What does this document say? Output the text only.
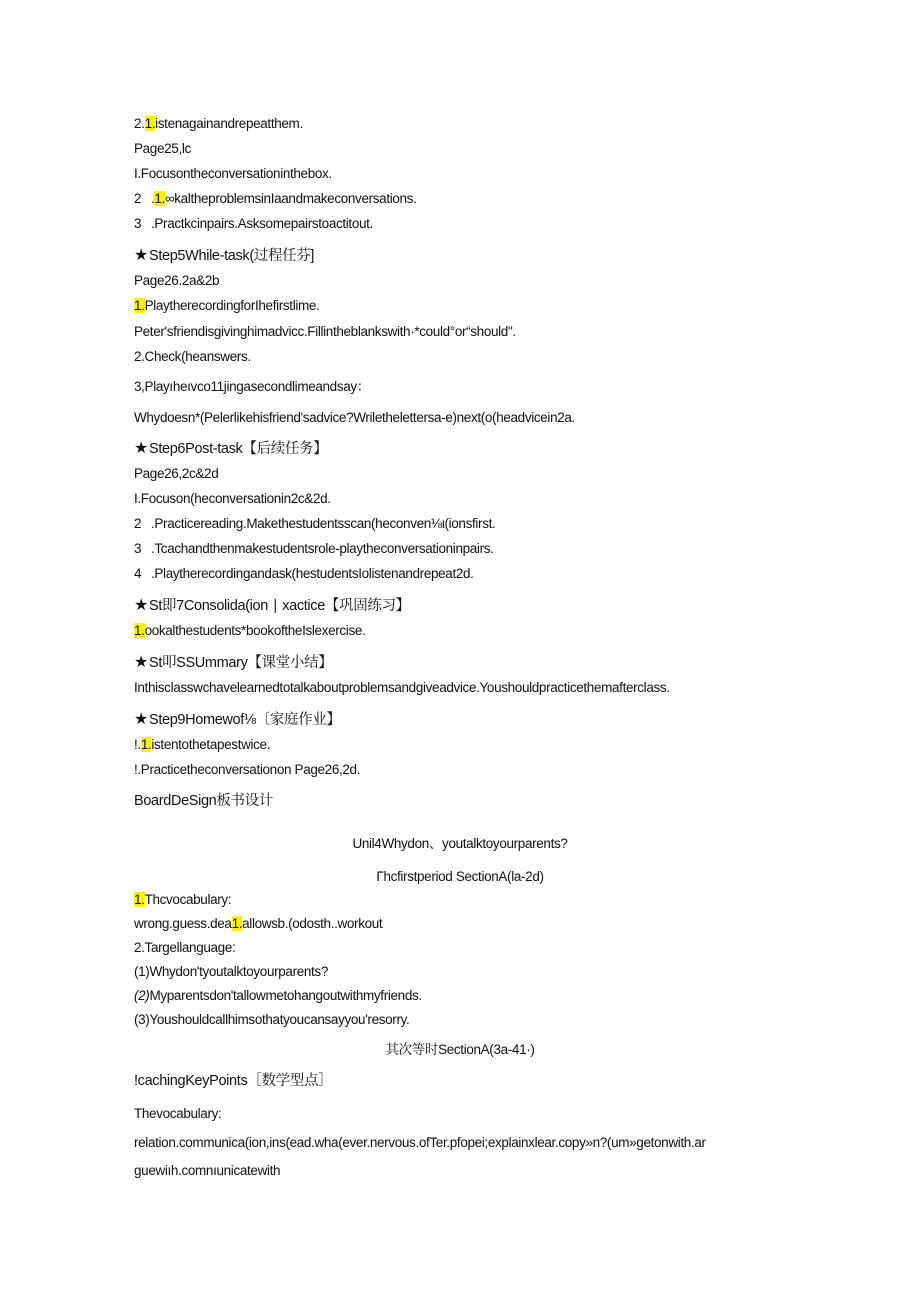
2.1.istenagainandrepeatthem.
Page25,lc
I.Focusontheconversationinthebox.
2 .1.∞kaltheproblemsinIaandmakeconversations.
3 .Practkcinpairs.Asksomepairstoactitout.
★Step5While-task(过程任芬]
Page26.2a&2b
1.PlaytherecordingforIhefirstlime.
Peter'sfriendisgivinghimadvicc.Fillintheblankswith·*could°or“should".
2.Check(heanswers.
3,Playıheıvco11jingasecondlimeandsay：
Whydoesn*(Pelerlikehisfriend'sadvice?Wrilethelettersa-e)next(o(headvicein2a.
★Step6Post-task【后续任务】
Page26,2c&2d
I.Focuson(heconversationin2c&2d.
2 .Practicereading.Makethestudentsscan(heconven⅛ι(ionsfirst.
3 .Tcachandthenmakestudentsrole-playtheconversationinpairs.
4 .Playtherecordingandask(hestudentsIolistenandrepeat2d.
★St即7Consolida(ion ∣ xactice【巩固练习】
1.ookalthestudents*bookoftheIslexercise.
★St叩SSUmmary【课堂小结】
Inthisclasswchavelearnedtotalkaboutproblemsandgiveadvice.Youshouldpracticethemafterclass.
★Step9Homewof⅛〔家庭作业】
!.1.istentothetapestwice.
!.Practicetheconversationon Page26,2d.
BoardDeSign板书设计
Unil4Whydon、youtalktoyourparents?
Γhcfirstperiod SectionA(la-2d)
1.Thcvocabulary:
wrong.guess.dea1.allowsb.(odosth..workout
2.Targellanguage:
(1)Whydon'tyoutalktoyourparents?
(2)Myparentsdon'tallowmetohangoutwithmyfriends.
(3)Youshouldcallhimsothatyoucansayyou'resorry.
其次等时SectionA(3a-41·)
!cachingKeyPoints［数学型点］
Thevocabulary:
relation.communica(ion,ins(ead.wha(ever.nervous.ofTer.pfopei;explainxlear.copy»n?(um»getonwith.ar
guewiıh.comnıunicatewith
